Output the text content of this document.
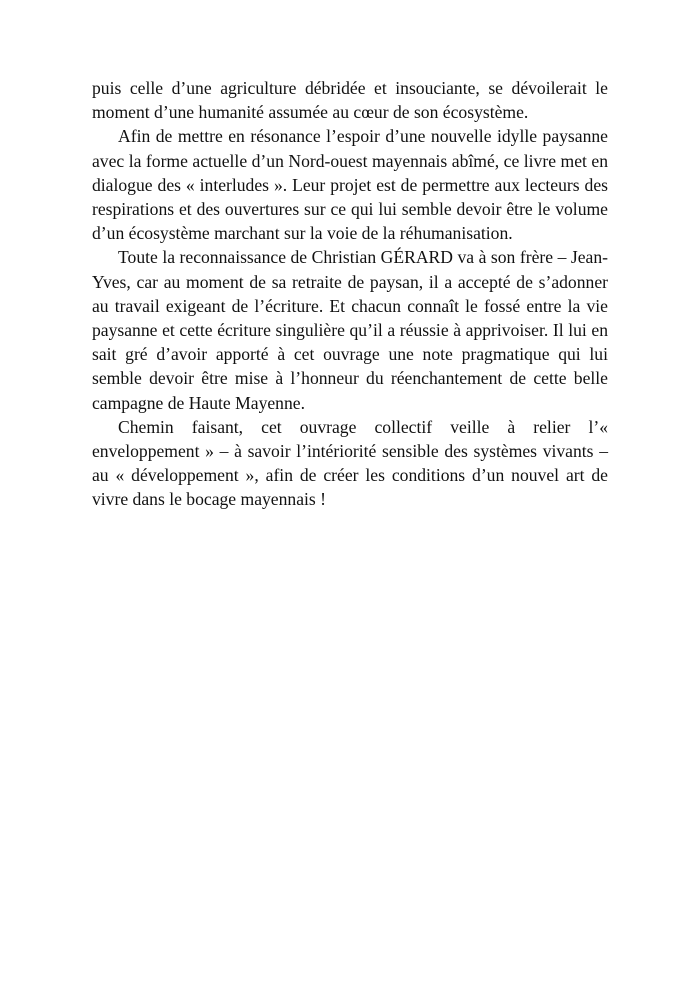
puis celle d’une agriculture débridée et insouciante, se dévoilerait le moment d’une humanité assumée au cœur de son écosystème.

Afin de mettre en résonance l’espoir d’une nouvelle idylle paysanne avec la forme actuelle d’un Nord-ouest mayennais abîmé, ce livre met en dialogue des « interludes ». Leur projet est de permettre aux lecteurs des respirations et des ouvertures sur ce qui lui semble devoir être le volume d’un écosystème marchant sur la voie de la réhumanisation.

Toute la reconnaissance de Christian GÉRARD va à son frère – Jean-Yves, car au moment de sa retraite de paysan, il a accepté de s’adonner au travail exigeant de l’écriture. Et chacun connaît le fossé entre la vie paysanne et cette écriture singulière qu’il a réussie à apprivoiser. Il lui en sait gré d’avoir apporté à cet ouvrage une note pragmatique qui lui semble devoir être mise à l’honneur du réenchantement de cette belle campagne de Haute Mayenne.

Chemin faisant, cet ouvrage collectif veille à relier l’« enveloppement » – à savoir l’intériorité sensible des systèmes vivants – au « développement », afin de créer les conditions d’un nouvel art de vivre dans le bocage mayennais !
